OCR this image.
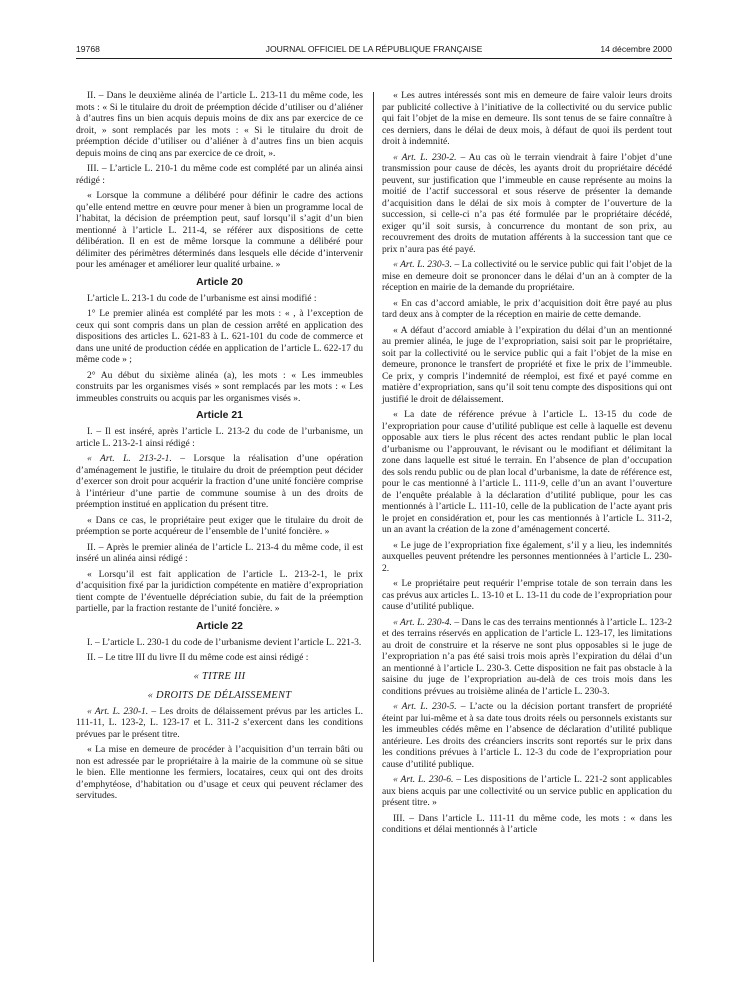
19768	JOURNAL OFFICIEL DE LA RÉPUBLIQUE FRANÇAISE	14 décembre 2000

II. – Dans le deuxième alinéa de l’article L. 213-11 du même code, les mots : « Si le titulaire du droit de préemption décide d’utiliser ou d’aliéner à d’autres fins un bien acquis depuis moins de dix ans par exercice de ce droit, » sont remplacés par les mots : « Si le titulaire du droit de préemption décide d’utiliser ou d’aliéner à d’autres fins un bien acquis depuis moins de cinq ans par exercice de ce droit, ».

III. – L’article L. 210-1 du même code est complété par un alinéa ainsi rédigé :

« Lorsque la commune a délibéré pour définir le cadre des actions qu’elle entend mettre en œuvre pour mener à bien un programme local de l’habitat, la décision de préemption peut, sauf lorsqu’il s’agit d’un bien mentionné à l’article L. 211-4, se référer aux dispositions de cette délibération. Il en est de même lorsque la commune a délibéré pour délimiter des périmètres déterminés dans lesquels elle décide d’intervenir pour les aménager et améliorer leur qualité urbaine. »

Article 20

L’article L. 213-1 du code de l’urbanisme est ainsi modifié :

1° Le premier alinéa est complété par les mots : « , à l’exception de ceux qui sont compris dans un plan de cession arrêté en application des dispositions des articles L. 621-83 à L. 621-101 du code de commerce et dans une unité de production cédée en application de l’article L. 622-17 du même code » ;

2° Au début du sixième alinéa (a), les mots : « Les immeubles construits par les organismes visés » sont remplacés par les mots : « Les immeubles construits ou acquis par les organismes visés ».

Article 21

I. – Il est inséré, après l’article L. 213-2 du code de l’urbanisme, un article L. 213-2-1 ainsi rédigé :

« Art. L. 213-2-1. – Lorsque la réalisation d’une opération d’aménagement le justifie, le titulaire du droit de préemption peut décider d’exercer son droit pour acquérir la fraction d’une unité foncière comprise à l’intérieur d’une partie de commune soumise à un des droits de préemption institué en application du présent titre.

« Dans ce cas, le propriétaire peut exiger que le titulaire du droit de préemption se porte acquéreur de l’ensemble de l’unité foncière. »

II. – Après le premier alinéa de l’article L. 213-4 du même code, il est inséré un alinéa ainsi rédigé :

« Lorsqu’il est fait application de l’article L. 213-2-1, le prix d’acquisition fixé par la juridiction compétente en matière d’expropriation tient compte de l’éventuelle dépréciation subie, du fait de la préemption partielle, par la fraction restante de l’unité foncière. »

Article 22

I. – L’article L. 230-1 du code de l’urbanisme devient l’article L. 221-3.

II. – Le titre III du livre II du même code est ainsi rédigé :

« TITRE III
« DROITS DE DÉLAISSEMENT

« Art. L. 230-1. – Les droits de délaissement prévus par les articles L. 111-11, L. 123-2, L. 123-17 et L. 311-2 s’exercent dans les conditions prévues par le présent titre.

« La mise en demeure de procéder à l’acquisition d’un terrain bâti ou non est adressée par le propriétaire à la mairie de la commune où se situe le bien. Elle mentionne les fermiers, locataires, ceux qui ont des droits d’emphytéose, d’habitation ou d’usage et ceux qui peuvent réclamer des servitudes.

« Les autres intéressés sont mis en demeure de faire valoir leurs droits par publicité collective à l’initiative de la collectivité ou du service public qui fait l’objet de la mise en demeure. Ils sont tenus de se faire connaître à ces derniers, dans le délai de deux mois, à défaut de quoi ils perdent tout droit à indemnité.

« Art. L. 230-2. – Au cas où le terrain viendrait à faire l’objet d’une transmission pour cause de décès, les ayants droit du propriétaire décédé peuvent, sur justification que l’immeuble en cause représente au moins la moitié de l’actif successoral et sous réserve de présenter la demande d’acquisition dans le délai de six mois à compter de l’ouverture de la succession, si celle-ci n’a pas été formulée par le propriétaire décédé, exiger qu’il soit sursis, à concurrence du montant de son prix, au recouvrement des droits de mutation afférents à la succession tant que ce prix n’aura pas été payé.

« Art. L. 230-3. – La collectivité ou le service public qui fait l’objet de la mise en demeure doit se prononcer dans le délai d’un an à compter de la réception en mairie de la demande du propriétaire.

« En cas d’accord amiable, le prix d’acquisition doit être payé au plus tard deux ans à compter de la réception en mairie de cette demande.

« A défaut d’accord amiable à l’expiration du délai d’un an mentionné au premier alinéa, le juge de l’expropriation, saisi soit par le propriétaire, soit par la collectivité ou le service public qui a fait l’objet de la mise en demeure, prononce le transfert de propriété et fixe le prix de l’immeuble. Ce prix, y compris l’indemnité de réemploi, est fixé et payé comme en matière d’expropriation, sans qu’il soit tenu compte des dispositions qui ont justifié le droit de délaissement.

« La date de référence prévue à l’article L. 13-15 du code de l’expropriation pour cause d’utilité publique est celle à laquelle est devenu opposable aux tiers le plus récent des actes rendant public le plan local d’urbanisme ou l’approuvant, le révisant ou le modifiant et délimitant la zone dans laquelle est situé le terrain. En l’absence de plan d’occupation des sols rendu public ou de plan local d’urbanisme, la date de référence est, pour le cas mentionné à l’article L. 111-9, celle d’un an avant l’ouverture de l’enquête préalable à la déclaration d’utilité publique, pour les cas mentionnés à l’article L. 111-10, celle de la publication de l’acte ayant pris le projet en considération et, pour les cas mentionnés à l’article L. 311-2, un an avant la création de la zone d’aménagement concerté.

« Le juge de l’expropriation fixe également, s’il y a lieu, les indemnités auxquelles peuvent prétendre les personnes mentionnées à l’article L. 230-2.

« Le propriétaire peut requérir l’emprise totale de son terrain dans les cas prévus aux articles L. 13-10 et L. 13-11 du code de l’expropriation pour cause d’utilité publique.

« Art. L. 230-4. – Dans le cas des terrains mentionnés à l’article L. 123-2 et des terrains réservés en application de l’article L. 123-17, les limitations au droit de construire et la réserve ne sont plus opposables si le juge de l’expropriation n’a pas été saisi trois mois après l’expiration du délai d’un an mentionné à l’article L. 230-3. Cette disposition ne fait pas obstacle à la saisine du juge de l’expropriation au-delà de ces trois mois dans les conditions prévues au troisième alinéa de l’article L. 230-3.

« Art. L. 230-5. – L’acte ou la décision portant transfert de propriété éteint par lui-même et à sa date tous droits réels ou personnels existants sur les immeubles cédés même en l’absence de déclaration d’utilité publique antérieure. Les droits des créanciers inscrits sont reportés sur le prix dans les conditions prévues à l’article L. 12-3 du code de l’expropriation pour cause d’utilité publique.

« Art. L. 230-6. – Les dispositions de l’article L. 221-2 sont applicables aux biens acquis par une collectivité ou un service public en application du présent titre. »

III. – Dans l’article L. 111-11 du même code, les mots : « dans les conditions et délai mentionnés à l’article
